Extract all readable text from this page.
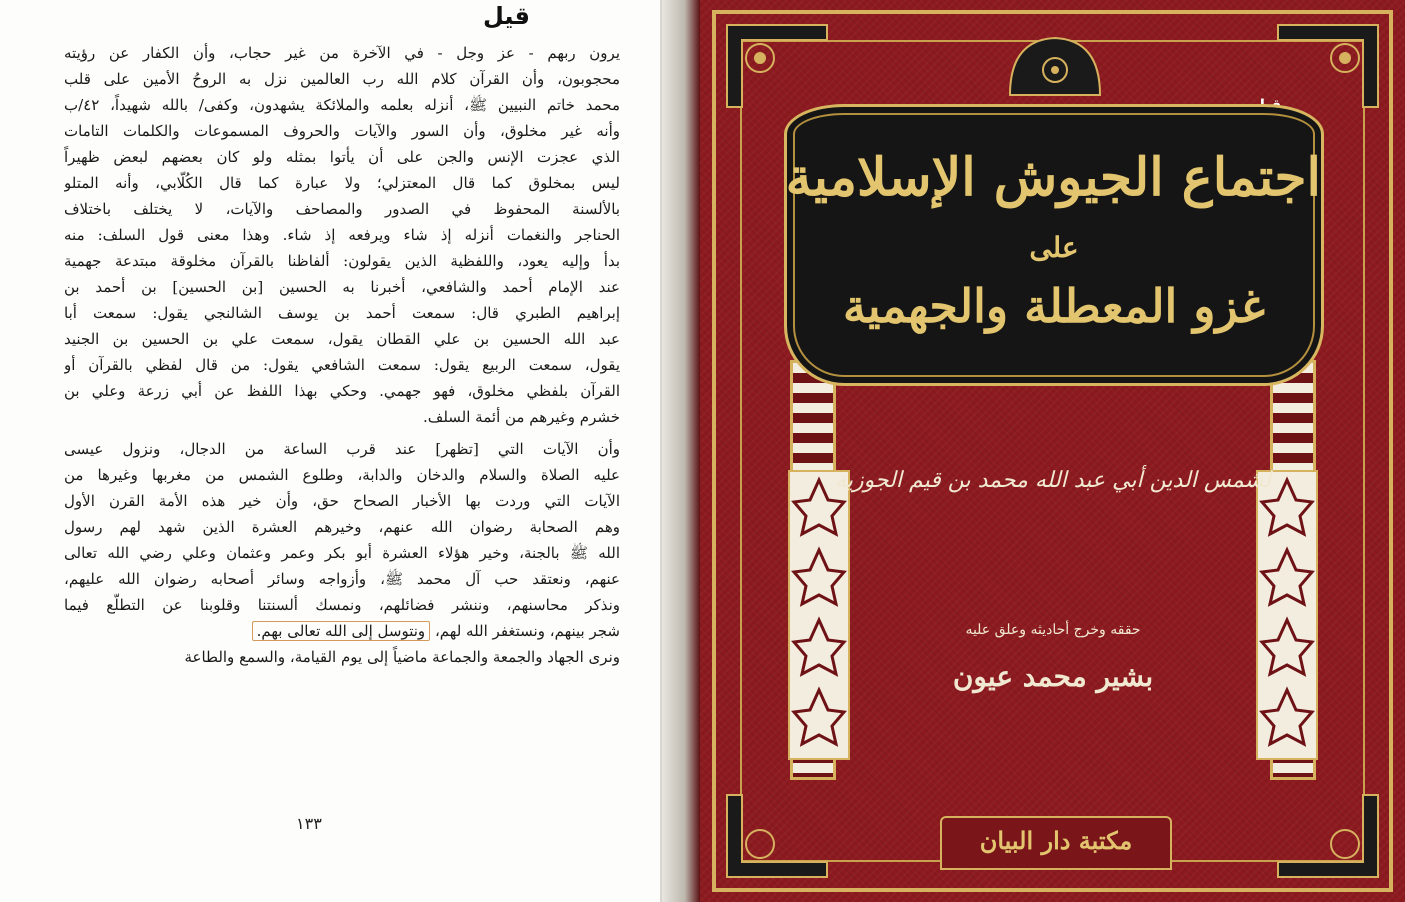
قيل
يرون ربهم - عز وجل - في الآخرة من غير حجاب، وأن الكفار عن رؤيته
محجوبون، وأن القرآن كلام الله رب العالمين نزل به الروحُ الأمين على قلب
محمد خاتم النبيين ﷺ، أنزله بعلمه والملائكة يشهدون، وكفى/ بالله شهيداً، ٤٢/ب
وأنه غير مخلوق، وأن السور والآيات والحروف المسموعات والكلمات التامات
الذي عجزت الإنس والجن على أن يأتوا بمثله ولو كان بعضهم لبعض ظهيراً
ليس بمخلوق كما قال المعتزلي؛ ولا عبارة كما قال الكُلّابي، وأنه المتلو
بالألسنة المحفوظ في الصدور والمصاحف والآيات، لا يختلف باختلاف
الحناجر والنغمات أنزله إذ شاء ويرفعه إذ شاء. وهذا معنى قول السلف: منه
بدأ وإليه يعود، واللفظية الذين يقولون: ألفاظنا بالقرآن مخلوقة مبتدعة جهمية
عند الإمام أحمد والشافعي، أخبرنا به الحسين [بن الحسين] بن أحمد بن
إبراهيم الطبري قال: سمعت أحمد بن يوسف الشالنجي يقول: سمعت أبا
عبد الله الحسين بن علي القطان يقول، سمعت علي بن الحسين بن الجنيد
يقول، سمعت الربيع يقول: سمعت الشافعي يقول: من قال لفظي بالقرآن أو
القرآن بلفظي مخلوق، فهو جهمي. وحكي بهذا اللفظ عن أبي زرعة وعلي بن
خشرم وغيرهم من أئمة السلف.
وأن الآيات التي [تظهر] عند قرب الساعة من الدجال، ونزول عيسى
عليه الصلاة والسلام والدخان والدابة، وطلوع الشمس من مغربها وغيرها من
الآيات التي وردت بها الأخبار الصحاح حق، وأن خير هذه الأمة القرن الأول
وهم الصحابة رضوان الله عنهم، وخيرهم العشرة الذين شهد لهم رسول
الله ﷺ بالجنة، وخير هؤلاء العشرة أبو بكر وعمر وعثمان وعلي رضي الله تعالى
عنهم، ونعتقد حب آل محمد ﷺ، وأزواجه وسائر أصحابه رضوان الله عليهم،
ونذكر محاسنهم، وننشر فضائلهم، ونمسك ألسنتنا وقلوبنا عن التطلّع فيما
شجر بينهم، ونستغفر الله لهم، ونتوسل إلى الله تعالى بهم.
ونرى الجهاد والجمعة والجماعة ماضياً إلى يوم القيامة، والسمع والطاعة
١٣٣
اجتماع الجيوش الإسلامية
على
غزو المعطلة والجهمية
لشمس الدين أبي عبد الله محمد بن قيم الجوزية
حققه وخرج أحاديثه وعلق عليه
بشير محمد عيون
مكتبة دار البيان
